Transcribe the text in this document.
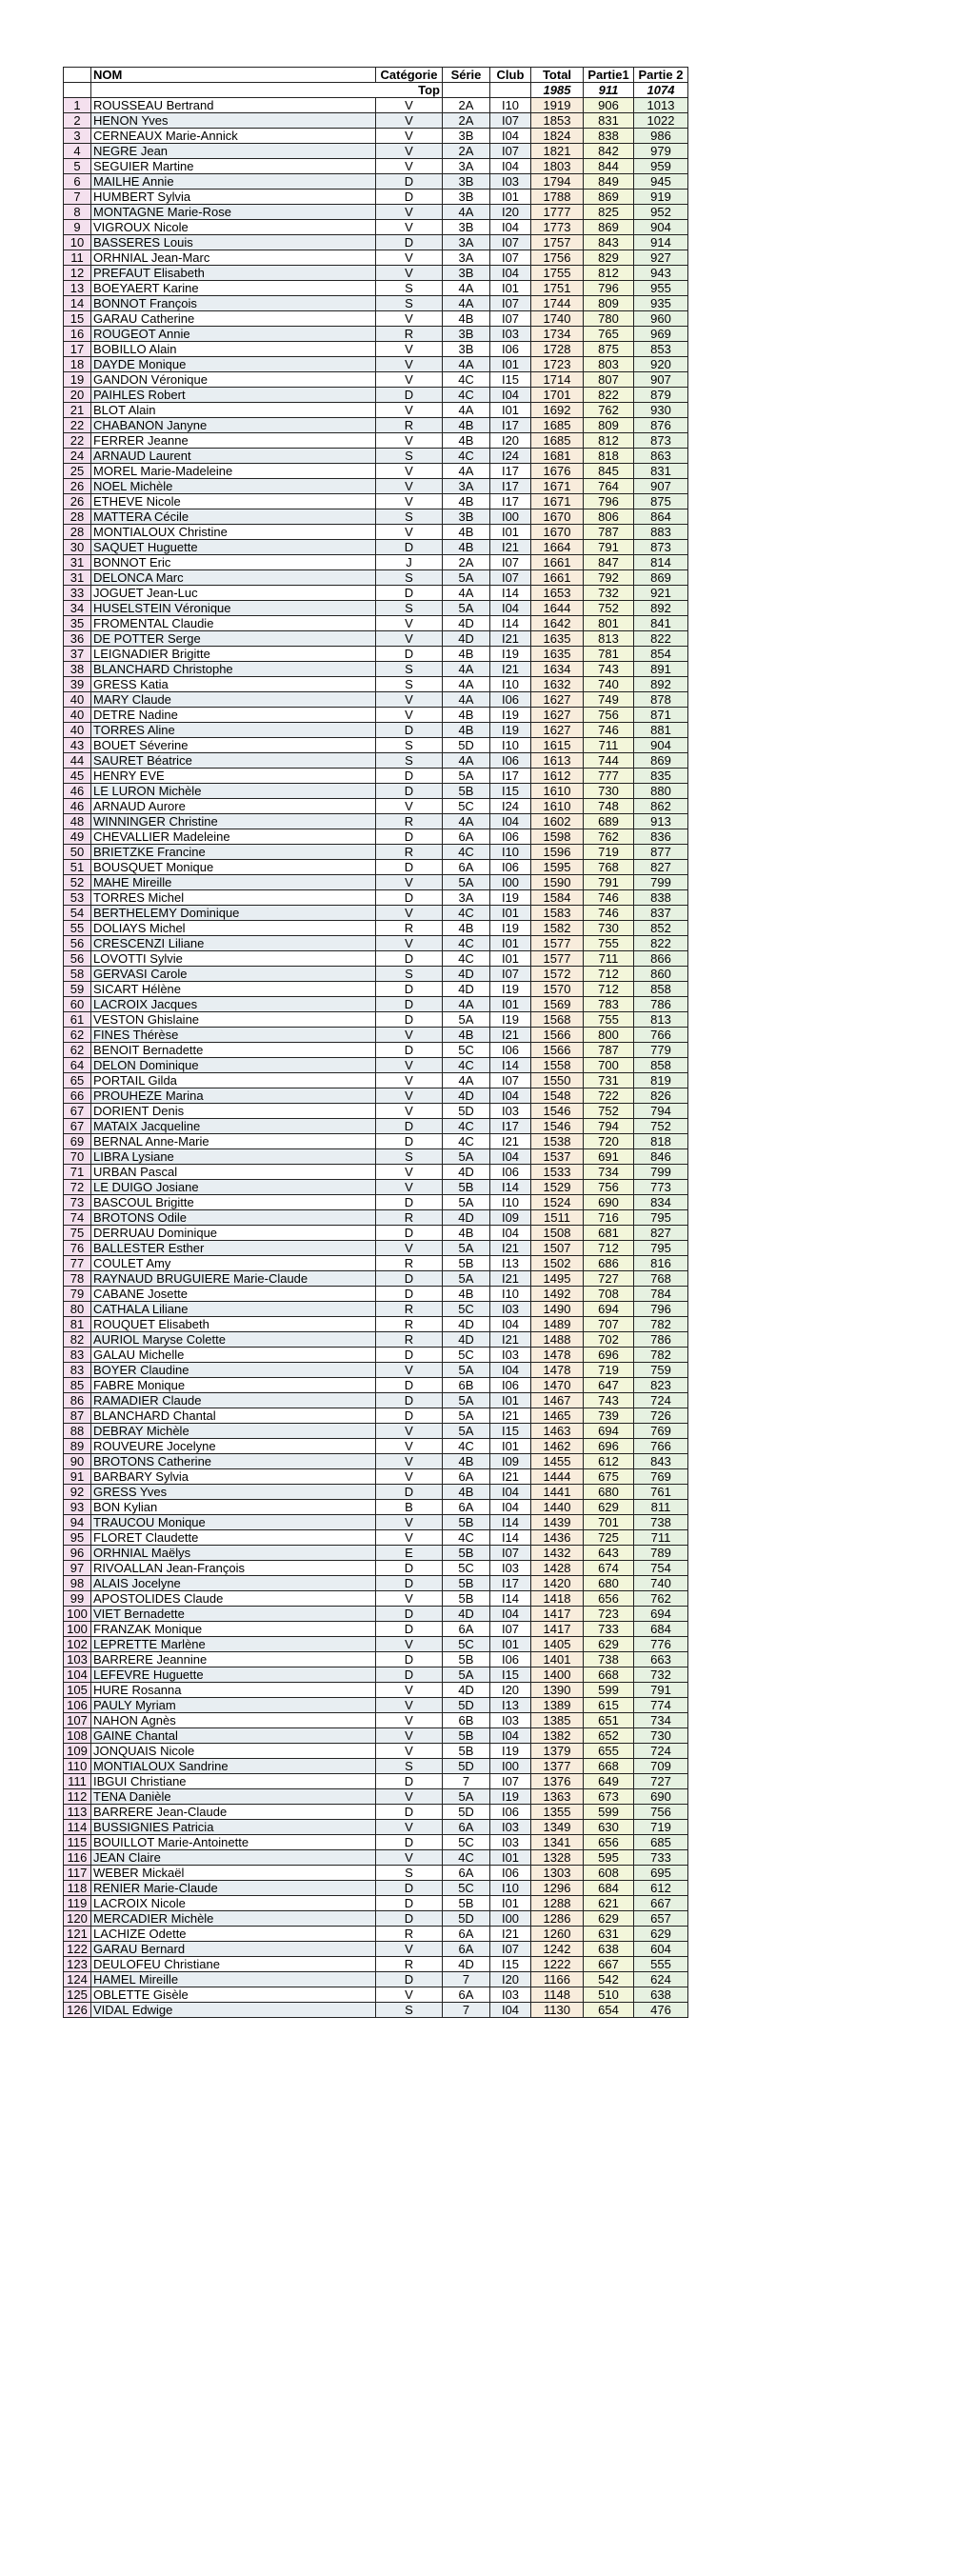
	NOM	Catégorie	Série	Club	Total	Partie1	Partie 2
	Top				1985	911	1074
1	ROUSSEAU Bertrand	V	2A	I10	1919	906	1013
2	HENON Yves	V	2A	I07	1853	831	1022
3	CERNEAUX Marie-Annick	V	3B	I04	1824	838	986
4	NEGRE Jean	V	2A	I07	1821	842	979
5	SEGUIER Martine	V	3A	I04	1803	844	959
6	MAILHE Annie	D	3B	I03	1794	849	945
7	HUMBERT Sylvia	D	3B	I01	1788	869	919
8	MONTAGNE Marie-Rose	V	4A	I20	1777	825	952
9	VIGROUX Nicole	V	3B	I04	1773	869	904
10	BASSERES Louis	D	3A	I07	1757	843	914
11	ORHNIAL Jean-Marc	V	3A	I07	1756	829	927
12	PREFAUT Elisabeth	V	3B	I04	1755	812	943
13	BOEYAERT Karine	S	4A	I01	1751	796	955
14	BONNOT François	S	4A	I07	1744	809	935
15	GARAU Catherine	V	4B	I07	1740	780	960
16	ROUGEOT Annie	R	3B	I03	1734	765	969
17	BOBILLO Alain	V	3B	I06	1728	875	853
18	DAYDE Monique	V	4A	I01	1723	803	920
19	GANDON Véronique	V	4C	I15	1714	807	907
20	PAIHLES Robert	D	4C	I04	1701	822	879
21	BLOT Alain	V	4A	I01	1692	762	930
22	CHABANON Janyne	R	4B	I17	1685	809	876
22	FERRER Jeanne	V	4B	I20	1685	812	873
24	ARNAUD Laurent	S	4C	I24	1681	818	863
25	MOREL Marie-Madeleine	V	4A	I17	1676	845	831
26	NOEL Michèle	V	3A	I17	1671	764	907
26	ETHEVE Nicole	V	4B	I17	1671	796	875
28	MATTERA Cécile	S	3B	I00	1670	806	864
28	MONTIALOUX Christine	V	4B	I01	1670	787	883
30	SAQUET Huguette	D	4B	I21	1664	791	873
31	BONNOT Eric	J	2A	I07	1661	847	814
31	DELONCA Marc	S	5A	I07	1661	792	869
33	JOGUET Jean-Luc	D	4A	I14	1653	732	921
34	HUSELSTEIN Véronique	S	5A	I04	1644	752	892
35	FROMENTAL Claudie	V	4D	I14	1642	801	841
36	DE POTTER Serge	V	4D	I21	1635	813	822
37	LEIGNADIER Brigitte	D	4B	I19	1635	781	854
38	BLANCHARD Christophe	S	4A	I21	1634	743	891
39	GRESS Katia	S	4A	I10	1632	740	892
40	MARY Claude	V	4A	I06	1627	749	878
40	DETRE Nadine	V	4B	I19	1627	756	871
40	TORRES Aline	D	4B	I19	1627	746	881
43	BOUET Séverine	S	5D	I10	1615	711	904
44	SAURET Béatrice	S	4A	I06	1613	744	869
45	HENRY EVE	D	5A	I17	1612	777	835
46	LE LURON Michèle	D	5B	I15	1610	730	880
46	ARNAUD Aurore	V	5C	I24	1610	748	862
48	WINNINGER Christine	R	4A	I04	1602	689	913
49	CHEVALLIER Madeleine	D	6A	I06	1598	762	836
50	BRIETZKE Francine	R	4C	I10	1596	719	877
51	BOUSQUET Monique	D	6A	I06	1595	768	827
52	MAHE Mireille	V	5A	I00	1590	791	799
53	TORRES Michel	D	3A	I19	1584	746	838
54	BERTHELEMY Dominique	V	4C	I01	1583	746	837
55	DOLIAYS Michel	R	4B	I19	1582	730	852
56	CRESCENZI Liliane	V	4C	I01	1577	755	822
56	LOVOTTI Sylvie	D	4C	I01	1577	711	866
58	GERVASI Carole	S	4D	I07	1572	712	860
59	SICART Hélène	D	4D	I19	1570	712	858
60	LACROIX Jacques	D	4A	I01	1569	783	786
61	VESTON Ghislaine	D	5A	I19	1568	755	813
62	FINES Thérèse	V	4B	I21	1566	800	766
62	BENOIT Bernadette	D	5C	I06	1566	787	779
64	DELON Dominique	V	4C	I14	1558	700	858
65	PORTAIL Gilda	V	4A	I07	1550	731	819
66	PROUHEZE Marina	V	4D	I04	1548	722	826
67	DORIENT Denis	V	5D	I03	1546	752	794
67	MATAIX Jacqueline	D	4C	I17	1546	794	752
69	BERNAL Anne-Marie	D	4C	I21	1538	720	818
70	LIBRA Lysiane	S	5A	I04	1537	691	846
71	URBAN Pascal	V	4D	I06	1533	734	799
72	LE DUIGO Josiane	V	5B	I14	1529	756	773
73	BASCOUL Brigitte	D	5A	I10	1524	690	834
74	BROTONS Odile	R	4D	I09	1511	716	795
75	DERRUAU Dominique	D	4B	I04	1508	681	827
76	BALLESTER Esther	V	5A	I21	1507	712	795
77	COULET Amy	R	5B	I13	1502	686	816
78	RAYNAUD BRUGUIERE Marie-Claude	D	5A	I21	1495	727	768
79	CABANE Josette	D	4B	I10	1492	708	784
80	CATHALA Liliane	R	5C	I03	1490	694	796
81	ROUQUET Elisabeth	R	4D	I04	1489	707	782
82	AURIOL Maryse Colette	R	4D	I21	1488	702	786
83	GALAU Michelle	D	5C	I03	1478	696	782
83	BOYER Claudine	V	5A	I04	1478	719	759
85	FABRE Monique	D	6B	I06	1470	647	823
86	RAMADIER Claude	D	5A	I01	1467	743	724
87	BLANCHARD Chantal	D	5A	I21	1465	739	726
88	DEBRAY Michèle	V	5A	I15	1463	694	769
89	ROUVEURE Jocelyne	V	4C	I01	1462	696	766
90	BROTONS Catherine	V	4B	I09	1455	612	843
91	BARBARY Sylvia	V	6A	I21	1444	675	769
92	GRESS Yves	D	4B	I04	1441	680	761
93	BON Kylian	B	6A	I04	1440	629	811
94	TRAUCOU Monique	V	5B	I14	1439	701	738
95	FLORET Claudette	V	4C	I14	1436	725	711
96	ORHNIAL Maëlys	E	5B	I07	1432	643	789
97	RIVOALLAN Jean-François	D	5C	I03	1428	674	754
98	ALAIS Jocelyne	D	5B	I17	1420	680	740
99	APOSTOLIDES Claude	V	5B	I14	1418	656	762
100	VIET Bernadette	D	4D	I04	1417	723	694
100	FRANZAK Monique	D	6A	I07	1417	733	684
102	LEPRETTE Marlène	V	5C	I01	1405	629	776
103	BARRERE Jeannine	D	5B	I06	1401	738	663
104	LEFEVRE Huguette	D	5A	I15	1400	668	732
105	HURE Rosanna	V	4D	I20	1390	599	791
106	PAULY Myriam	V	5D	I13	1389	615	774
107	NAHON Agnès	V	6B	I03	1385	651	734
108	GAINE Chantal	V	5B	I04	1382	652	730
109	JONQUAIS Nicole	V	5B	I19	1379	655	724
110	MONTIALOUX Sandrine	S	5D	I00	1377	668	709
111	IBGUI Christiane	D	7	I07	1376	649	727
112	TENA Danièle	V	5A	I19	1363	673	690
113	BARRERE Jean-Claude	D	5D	I06	1355	599	756
114	BUSSIGNIES Patricia	V	6A	I03	1349	630	719
115	BOUILLOT Marie-Antoinette	D	5C	I03	1341	656	685
116	JEAN Claire	V	4C	I01	1328	595	733
117	WEBER Mickaël	S	6A	I06	1303	608	695
118	RENIER Marie-Claude	D	5C	I10	1296	684	612
119	LACROIX Nicole	D	5B	I01	1288	621	667
120	MERCADIER Michèle	D	5D	I00	1286	629	657
121	LACHIZE Odette	R	6A	I21	1260	631	629
122	GARAU Bernard	V	6A	I07	1242	638	604
123	DEULOFEU Christiane	R	4D	I15	1222	667	555
124	HAMEL Mireille	D	7	I20	1166	542	624
125	OBLETTE Gisèle	V	6A	I03	1148	510	638
126	VIDAL Edwige	S	7	I04	1130	654	476
